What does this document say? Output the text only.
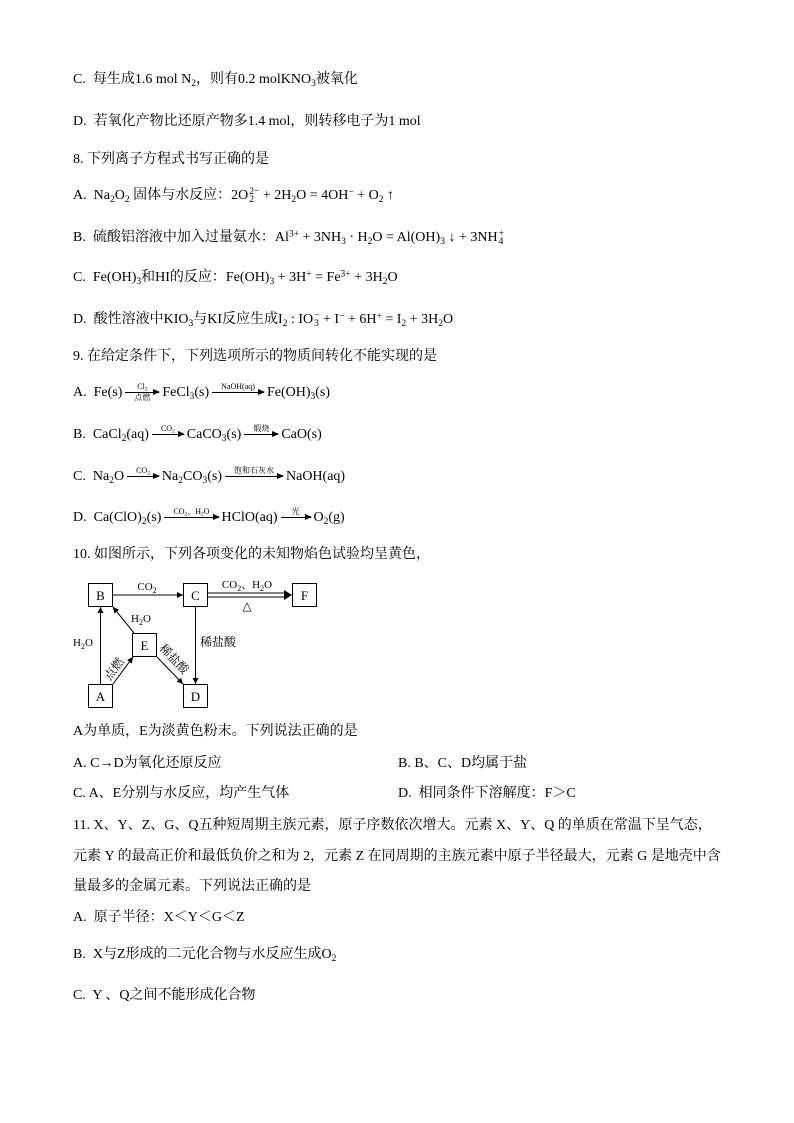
C.  每生成1.6 mol $N_2$，则有0.2 molKNO$_3$被氧化
D.  若氧化产物比还原产物多1.4 mol，则转移电子为1 mol
8. 下列离子方程式书写正确的是
A.  $Na_2O_2$ 固体与水反应：2O 2−
$2 + 2H_2O = 4OH^- + O_2$ ↑
B.  硫酸铝溶液中加入过量氨水：$Al^{3+} + 3NH_3 \cdot H_2O = Al(OH)_3$ ↓ + 3NH +
4
C.  $Fe(OH)_3$和HI的反应：$Fe(OH)_3 + 3H^+ = Fe^{3+} + 3H_2O$
D.  酸性溶液中$KIO_3$与KI反应生成$I_2$ : IO −
$3 + I^- + 6H^+ = I_2 + 3H_2O$
9. 在给定条件下，下列选项所示的物质间转化不能实现的是
A.  Fe(s)	$Cl_2$
点燃 FeCl$_3$(s)	NaOH(aq) $Fe(OH)_3(s)$
B.  CaCl$_2$(aq)	$CO_2$ CaCO$_3$(s)	煅烧 CaO(s)
C.  $Na_2O$	$CO_2$ $Na_2CO_3(s)$	饱和石灰水 NaOH(aq)
D.  $Ca(ClO)_2(s)$	$CO_2$、$H_2O$ HClO(aq)	光	$O_2(g)$
10. 如图所示，下列各项变化的未知物焰色试验均呈黄色，
B	C	F
E
A	D
$CO_2$	$CO_2$、$H_2O$
△
$H_2O$
$H_2O$
点燃 稀盐酸 稀盐酸
A为单质，E为淡黄色粉末。下列说法正确的是
A. C→D为氧化还原反应	B. B、C、D均属于盐
C. A、E分别与水反应，均产生气体	D.  相同条件下溶解度：F＞C
11. X、Y、Z、G、Q五种短周期主族元素，原子序数依次增大。元素 X、Y、Q 的单质在常温下呈气态，
元素 Y 的最高正价和最低负价之和为 2，元素 Z 在同周期的主族元素中原子半径最大，元素 G 是地壳中含
量最多的金属元素。下列说法正确的是
A.  原子半径：X＜Y＜G＜Z
B.  X与Z形成的二元化合物与水反应生成$O_2$
C.  Y 、Q之间不能形成化合物
